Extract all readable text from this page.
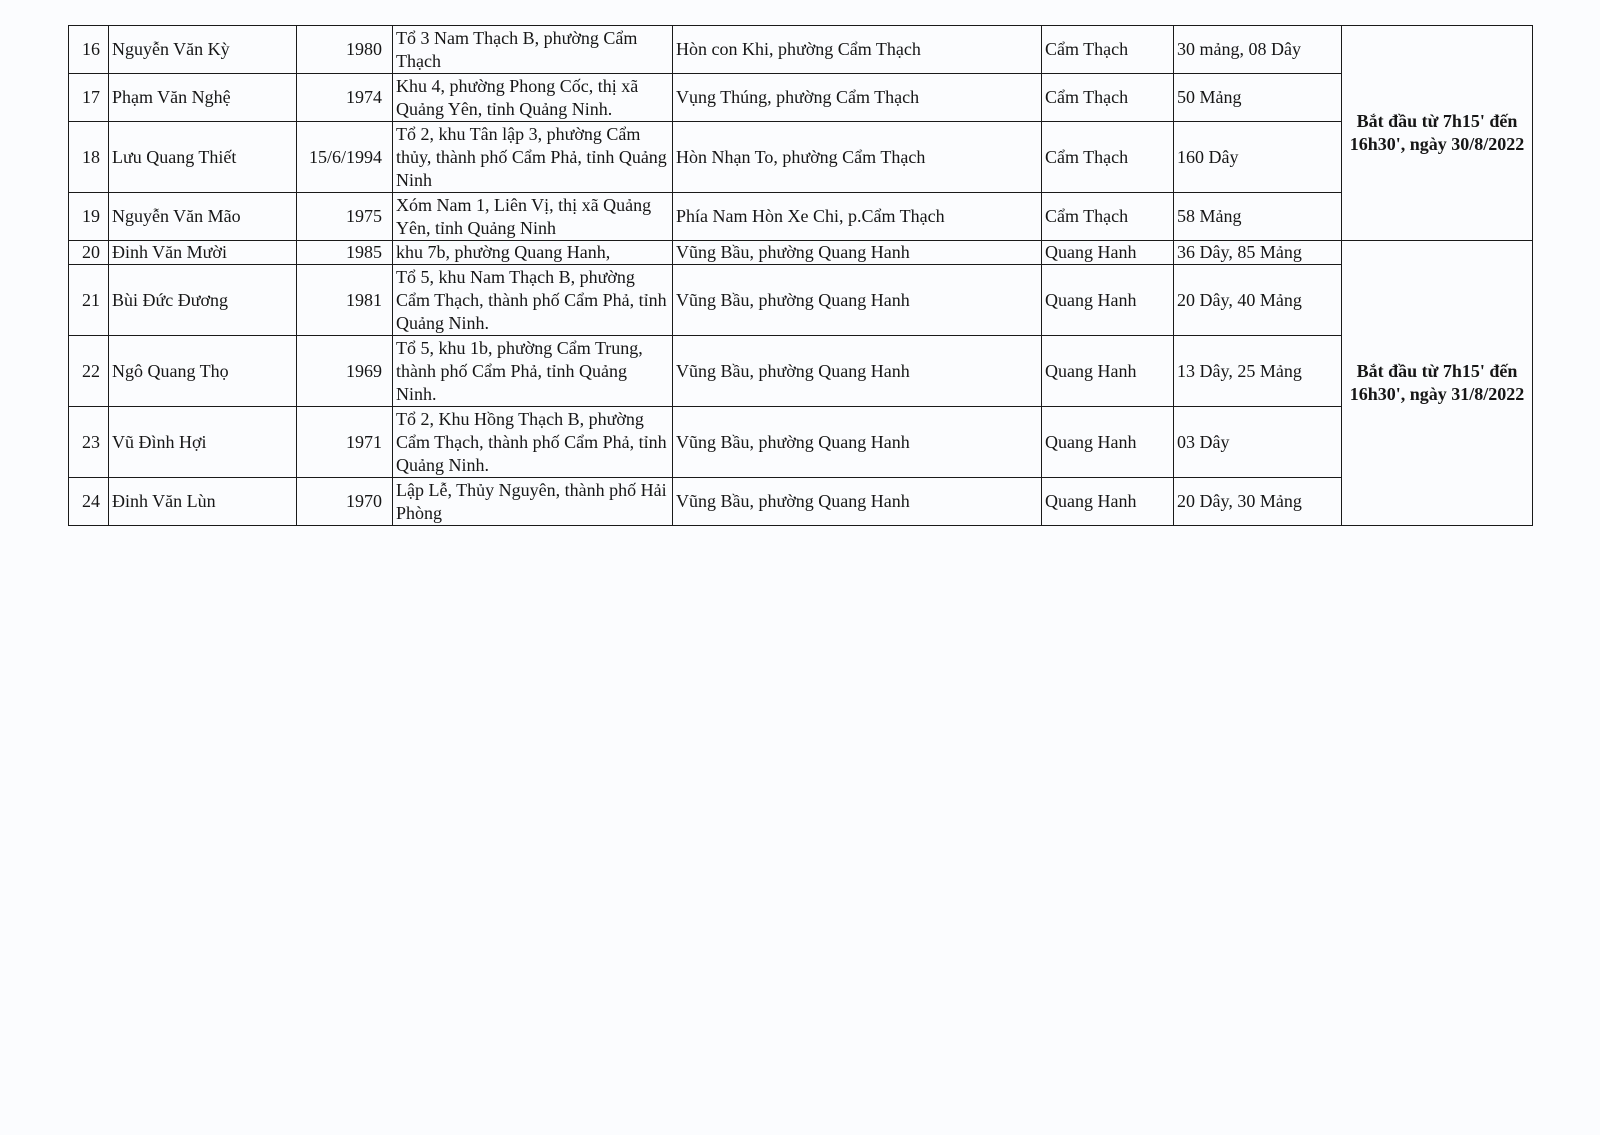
16	Nguyễn Văn Kỳ	1980	Tổ 3 Nam Thạch B, phường Cẩm Thạch	Hòn con Khi, phường Cẩm Thạch	Cẩm Thạch	30 mảng, 08 Dây	Bắt đầu từ 7h15' đến
16h30', ngày 30/8/2022

17	Phạm Văn Nghệ	1974	Khu 4, phường Phong Cốc, thị xã Quảng Yên, tỉnh Quảng Ninh.	Vụng Thúng, phường Cẩm Thạch	Cẩm Thạch	50 Mảng	
18	Lưu Quang Thiết	15/6/1994	Tổ 2, khu Tân lập 3, phường Cẩm thủy, thành phố Cẩm Phả, tỉnh Quảng Ninh	Hòn Nhạn To, phường Cẩm Thạch	Cẩm Thạch	160 Dây	
19	Nguyễn Văn Mão	1975	Xóm Nam 1, Liên Vị, thị xã Quảng Yên, tỉnh Quảng Ninh	Phía Nam Hòn Xe Chi, p.Cẩm Thạch	Cẩm Thạch	58 Mảng	
20	Đinh Văn Mười	1985	khu 7b, phường Quang Hanh,	Vũng Bầu, phường Quang Hanh	Quang Hanh	36 Dây, 85 Mảng	Bắt đầu từ 7h15' đến
16h30', ngày 31/8/2022

21	Bùi Đức Đương	1981	Tổ 5, khu Nam Thạch B, phường Cẩm Thạch, thành phố Cẩm Phả, tỉnh Quảng Ninh.	Vũng Bầu, phường Quang Hanh	Quang Hanh	20 Dây, 40 Mảng	
22	Ngô Quang Thọ	1969	Tổ 5, khu 1b, phường Cẩm Trung, thành phố Cẩm Phả, tỉnh Quảng Ninh.	Vũng Bầu, phường Quang Hanh	Quang Hanh	13 Dây, 25 Mảng	
23	Vũ Đình Hợi	1971	Tổ 2, Khu Hồng Thạch B, phường Cẩm Thạch, thành phố Cẩm Phả, tỉnh Quảng Ninh.	Vũng Bầu, phường Quang Hanh	Quang Hanh	03 Dây	
24	Đinh Văn Lùn	1970	Lập Lễ, Thủy Nguyên, thành phố Hải Phòng	Vũng Bầu, phường Quang Hanh	Quang Hanh	20 Dây, 30 Mảng	
